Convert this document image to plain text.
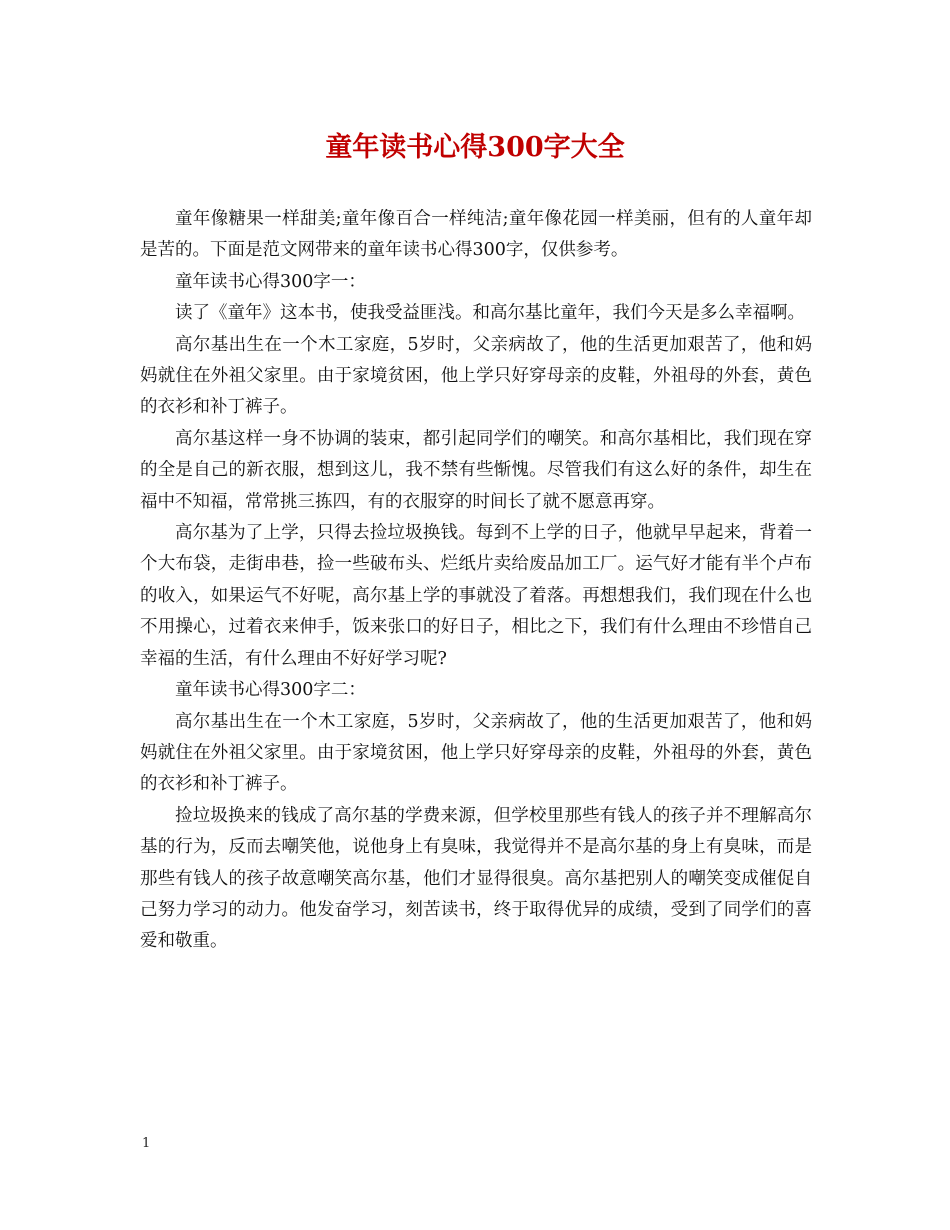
童年读书心得300字大全

童年像糖果一样甜美;童年像百合一样纯洁;童年像花园一样美丽，但有的人童年却是苦的。下面是范文网带来的童年读书心得300字，仅供参考。

童年读书心得300字一：

读了《童年》这本书，使我受益匪浅。和高尔基比童年，我们今天是多么幸福啊。

高尔基出生在一个木工家庭，5岁时，父亲病故了，他的生活更加艰苦了，他和妈妈就住在外祖父家里。由于家境贫困，他上学只好穿母亲的皮鞋，外祖母的外套，黄色的衣衫和补丁裤子。

高尔基这样一身不协调的装束，都引起同学们的嘲笑。和高尔基相比，我们现在穿的全是自己的新衣服，想到这儿，我不禁有些惭愧。尽管我们有这么好的条件，却生在福中不知福，常常挑三拣四，有的衣服穿的时间长了就不愿意再穿。

高尔基为了上学，只得去捡垃圾换钱。每到不上学的日子，他就早早起来，背着一个大布袋，走街串巷，捡一些破布头、烂纸片卖给废品加工厂。运气好才能有半个卢布的收入，如果运气不好呢，高尔基上学的事就没了着落。再想想我们，我们现在什么也不用操心，过着衣来伸手，饭来张口的好日子，相比之下，我们有什么理由不珍惜自己幸福的生活，有什么理由不好好学习呢?

童年读书心得300字二：

高尔基出生在一个木工家庭，5岁时，父亲病故了，他的生活更加艰苦了，他和妈妈就住在外祖父家里。由于家境贫困，他上学只好穿母亲的皮鞋，外祖母的外套，黄色的衣衫和补丁裤子。

捡垃圾换来的钱成了高尔基的学费来源，但学校里那些有钱人的孩子并不理解高尔基的行为，反而去嘲笑他，说他身上有臭味，我觉得并不是高尔基的身上有臭味，而是那些有钱人的孩子故意嘲笑高尔基，他们才显得很臭。高尔基把别人的嘲笑变成催促自己努力学习的动力。他发奋学习，刻苦读书，终于取得优异的成绩，受到了同学们的喜爱和敬重。

1
